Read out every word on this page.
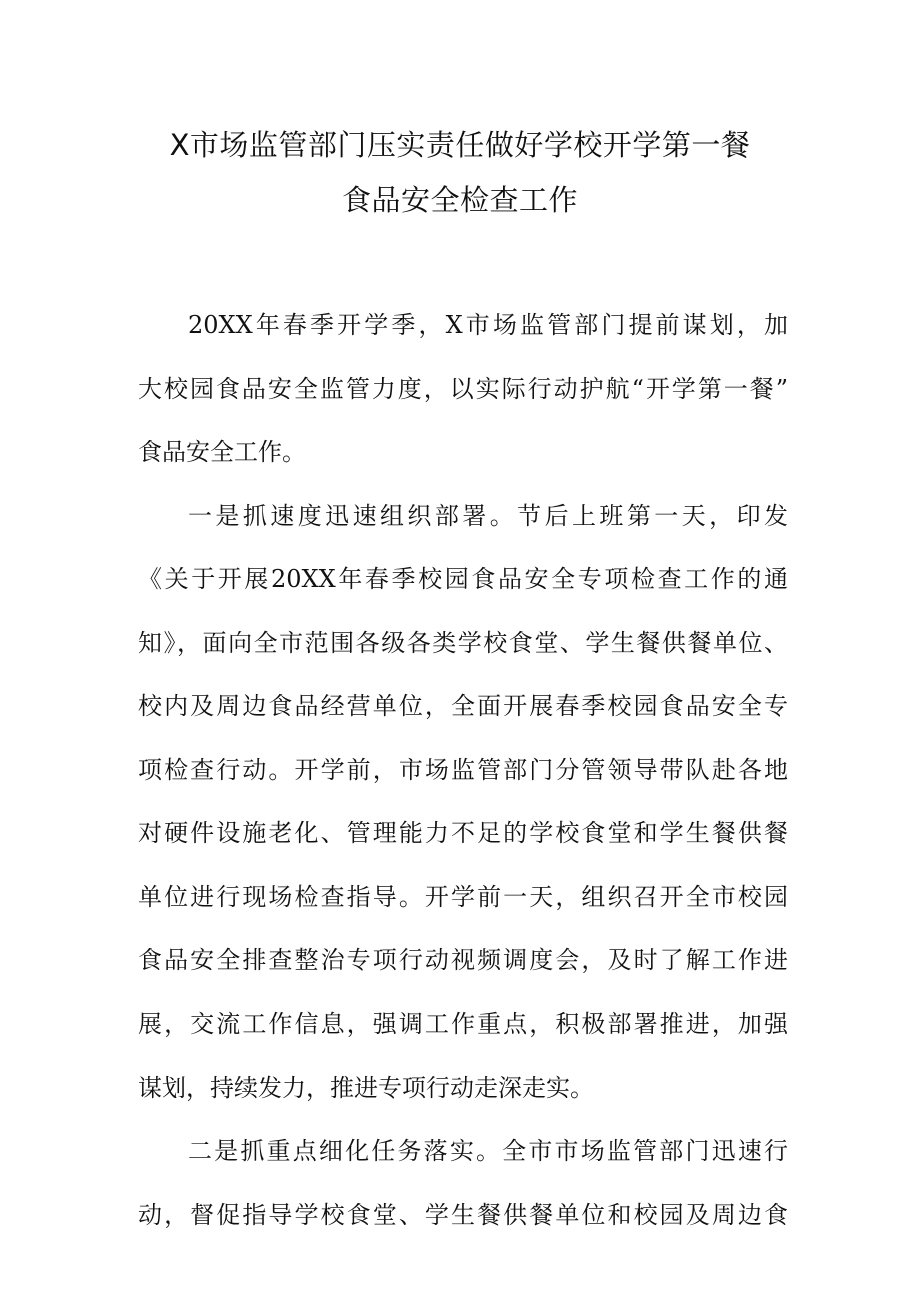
X市场监管部门压实责任做好学校开学第一餐
食品安全检查工作
20XX年春季开学季，X市场监管部门提前谋划，加
大校园食品安全监管力度，以实际行动护航“开学第一餐”
食品安全工作。
一是抓速度迅速组织部署。节后上班第一天，印发
《关于开展20XX年春季校园食品安全专项检查工作的通
知》，面向全市范围各级各类学校食堂、学生餐供餐单位、
校内及周边食品经营单位，全面开展春季校园食品安全专
项检查行动。开学前，市场监管部门分管领导带队赴各地
对硬件设施老化、管理能力不足的学校食堂和学生餐供餐
单位进行现场检查指导。开学前一天，组织召开全市校园
食品安全排查整治专项行动视频调度会，及时了解工作进
展，交流工作信息，强调工作重点，积极部署推进，加强
谋划，持续发力，推进专项行动走深走实。
二是抓重点细化任务落实。全市市场监管部门迅速行
动，督促指导学校食堂、学生餐供餐单位和校园及周边食
